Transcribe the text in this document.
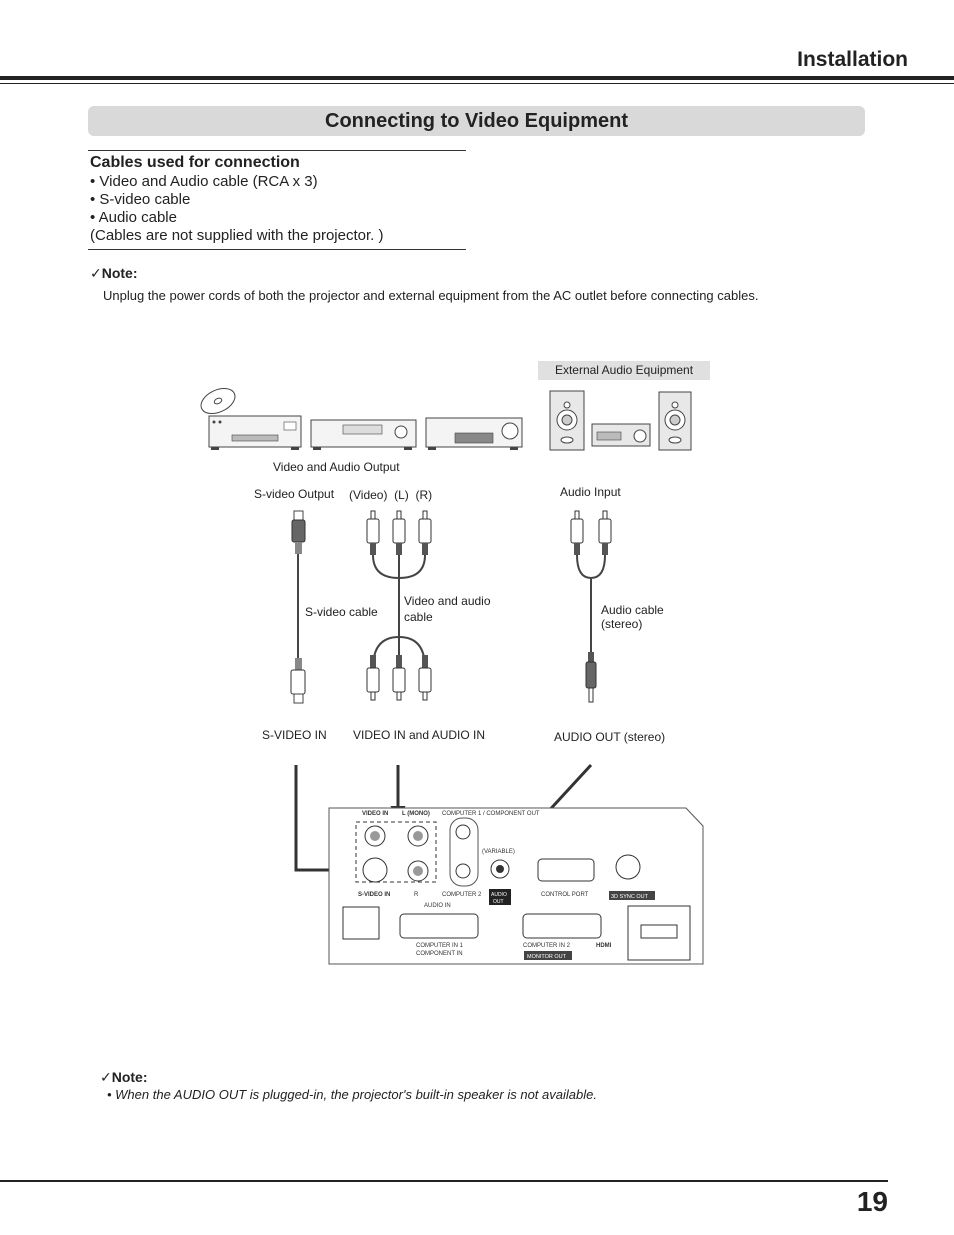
Installation
Connecting to Video Equipment
Cables used for connection
• Video and Audio cable (RCA x 3)
• S-video cable
• Audio cable
(Cables are not supplied with the projector. )
✓Note:
Unplug the power cords of both the projector and external equipment from the AC outlet before connecting cables.
External Audio Equipment
Video and Audio Output
S-video Output (Video)  (L)  (R)	Audio Input
S-video cable
Video and audio cable	Audio cable (stereo)
S-VIDEO IN VIDEO IN and AUDIO IN	AUDIO OUT (stereo)
VIDEO IN L (MONO) COMPUTER 1 / COMPONENT OUT
(VARIABLE)
S-VIDEO IN	R
AUDIO IN
COMPUTER 2	CONTROL PORT
COMPUTER IN 1
COMPONENT IN
COMPUTER IN 2	HDMI
AUDIO
OUT
3D SYNC OUT
MONITOR OUT
✓Note:
• When the AUDIO OUT is plugged-in, the projector's built-in speaker is not available.
19
